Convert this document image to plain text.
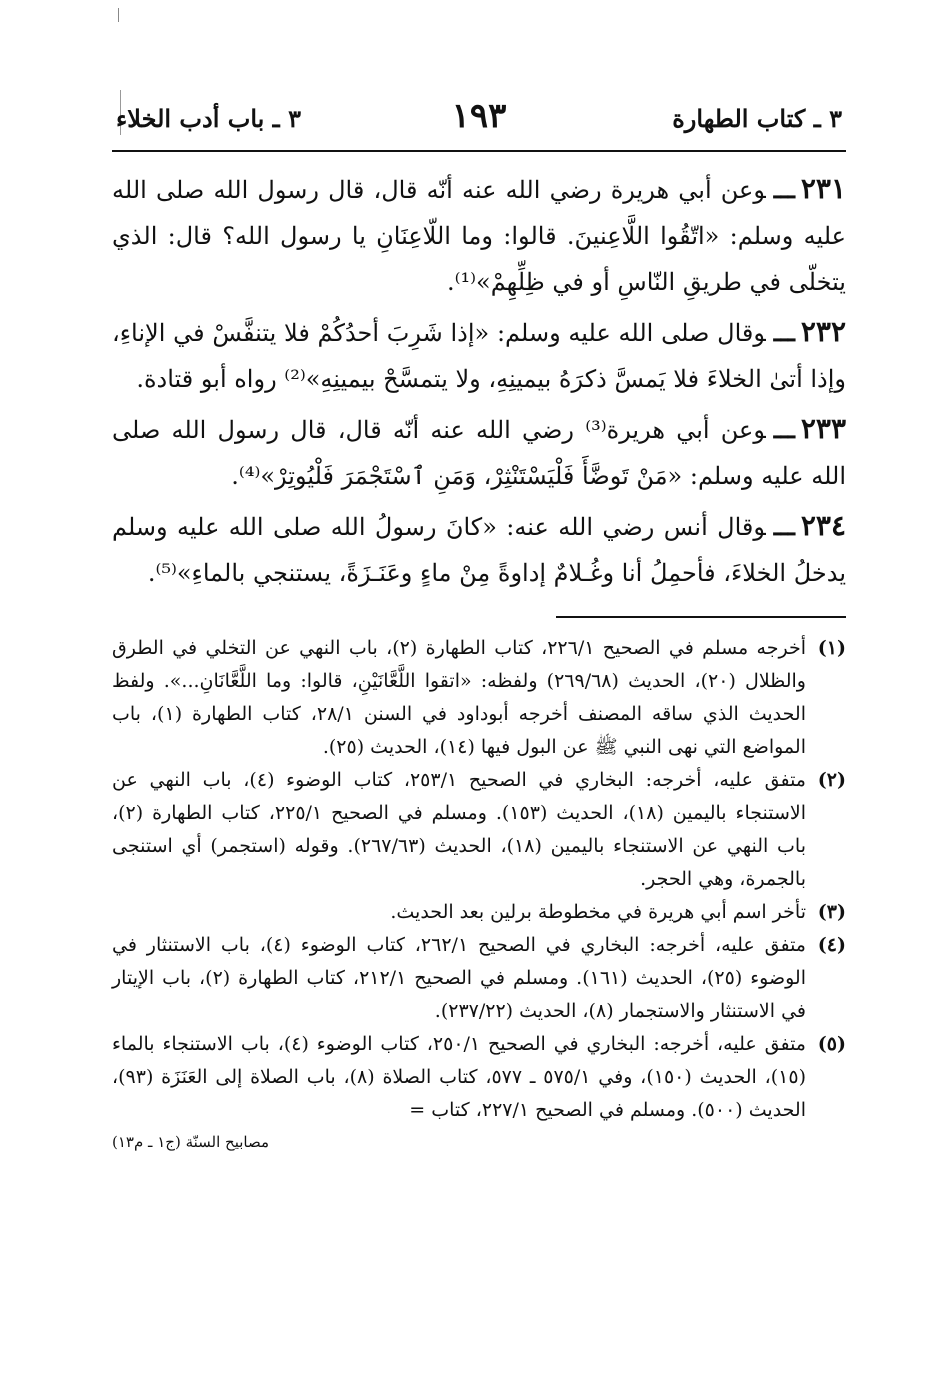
٣ ـ كتاب الطهارة
١٩٣
٣ ـ باب أدب الخلاء

٢٣١ـــوعن أبي هريرة رضي الله عنه أنّه قال، قال رسول الله صلى الله عليه وسلم: «اتّقُوا اللَّاعِنينَ. قالوا: وما اللّاعِنَانِ يا رسول الله؟ قال: الذي يتخلّى في طريقِ النّاسِ أو في ظِلِّهِمْ»⁽¹⁾.

٢٣٢ـــوقال صلى الله عليه وسلم: «إذا شَرِبَ أحدُكُمْ فلا يتنفَّسْ في الإناءِ، وإذا أتىٰ الخلاءَ فلا يَمسَّ ذكرَهُ بيمينِهِ، ولا يتمسَّحْ بيمينِهِ»⁽²⁾ رواه أبو قتادة.

٢٣٣ـــوعن أبي هريرة⁽³⁾ رضي الله عنه أنّه قال، قال رسول الله صلى الله عليه وسلم: «مَنْ تَوضَّأَ فَلْيَسْتَنْثِرْ، وَمَنِ ٱسْتَجْمَرَ فَلْيُوتِرْ»⁽⁴⁾.

٢٣٤ـــوقال أنس رضي الله عنه: «كانَ رسولُ الله صلى الله عليه وسلم يدخلُ الخلاءَ، فأحمِلُ أنا وغُـلامٌ إداوةً مِنْ ماءٍ وعَنَـزَةً، يستنجي بالماءِ»⁽⁵⁾.

(١)
أخرجه مسلم في الصحيح ٢٢٦/١، كتاب الطهارة (٢)، باب النهي عن التخلي في الطرق والظلال (٢٠)، الحديث (٢٦٩/٦٨) ولفظه: «اتقوا اللَّعَّانَيْنِ، قالوا: وما اللَّعَّانَانِ...». ولفظ الحديث الذي ساقه المصنف أخرجه أبوداود في السنن ٢٨/١، كتاب الطهارة (١)، باب المواضع التي نهى النبي ﷺ عن البول فيها (١٤)، الحديث (٢٥).
(٢)
متفق عليه، أخرجه: البخاري في الصحيح ٢٥٣/١، كتاب الوضوء (٤)، باب النهي عن الاستنجاء باليمين (١٨)، الحديث (١٥٣). ومسلم في الصحيح ٢٢٥/١، كتاب الطهارة (٢)، باب النهي عن الاستنجاء باليمين (١٨)، الحديث (٢٦٧/٦٣). وقوله (استجمر) أي استنجى بالجمرة، وهي الحجر.
(٣)
تأخر اسم أبي هريرة في مخطوطة برلين بعد الحديث.
(٤)
متفق عليه، أخرجه: البخاري في الصحيح ٢٦٢/١، كتاب الوضوء (٤)، باب الاستنثار في الوضوء (٢٥)، الحديث (١٦١). ومسلم في الصحيح ٢١٢/١، كتاب الطهارة (٢)، باب الإيتار في الاستنثار والاستجمار (٨)، الحديث (٢٣٧/٢٢).
(٥)
متفق عليه، أخرجه: البخاري في الصحيح ٢٥٠/١، كتاب الوضوء (٤)، باب الاستنجاء بالماء (١٥)، الحديث (١٥٠)، وفي ٥٧٥/١ ـ ٥٧٧، كتاب الصلاة (٨)، باب الصلاة إلى العَنَزَة (٩٣)، الحديث (٥٠٠). ومسلم في الصحيح ٢٢٧/١، كتاب =
مصابيح السنّة (ج١ ـ م١٣)
